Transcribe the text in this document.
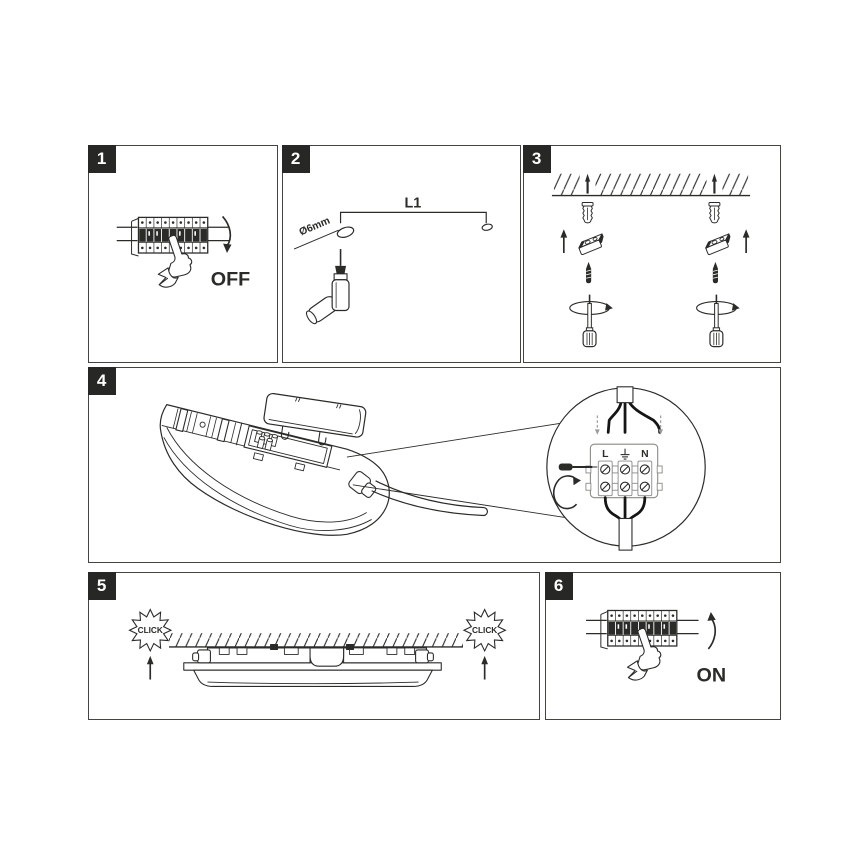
1
OFF
2
L1
Ø6mm
3
4
L	N
5
CLICK	CLICK
6
ON
